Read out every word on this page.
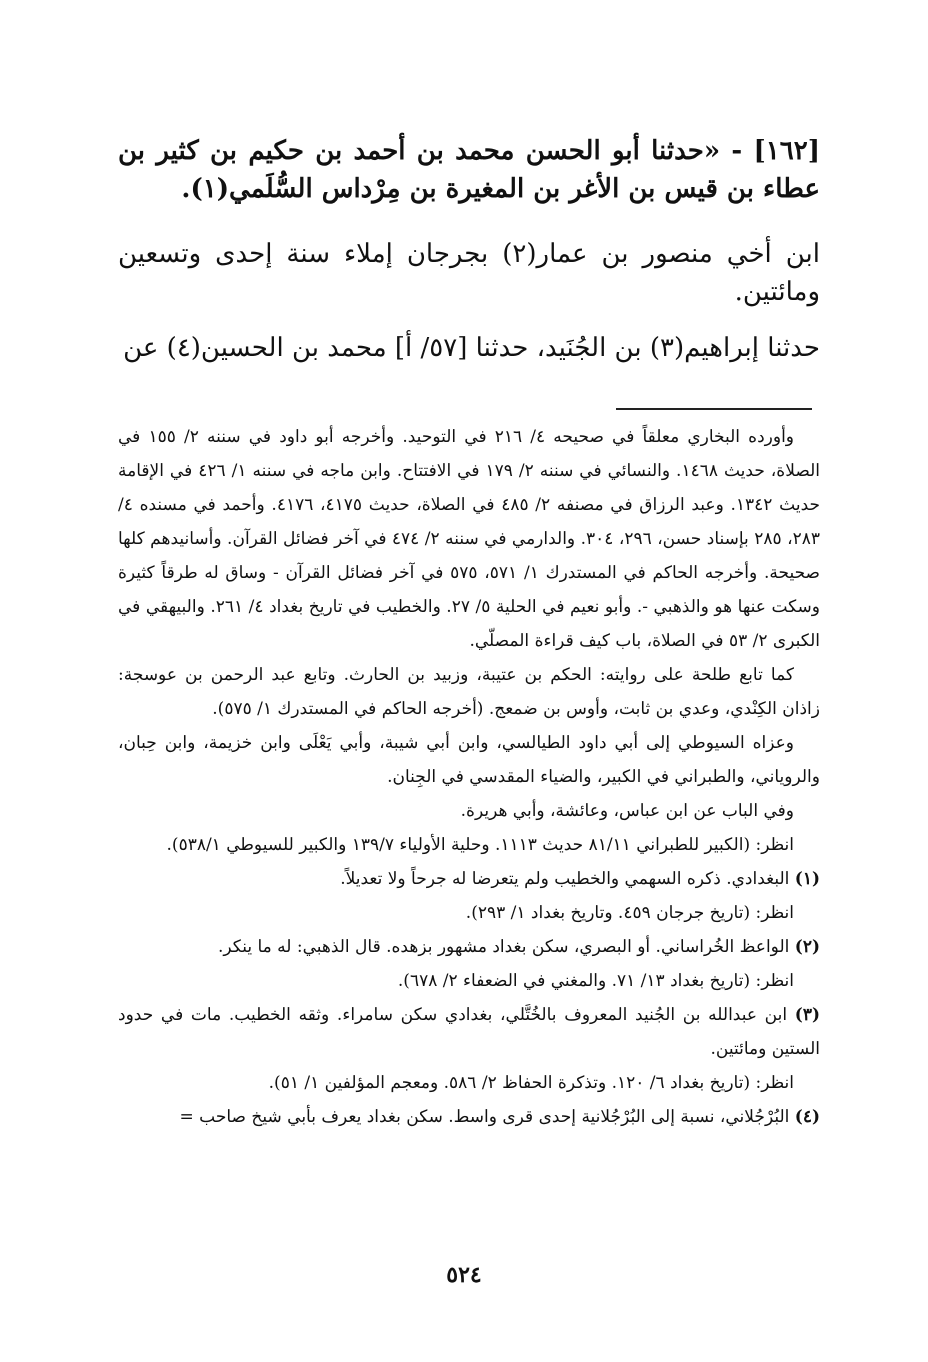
[١٦٢] - «حدثنا أبو الحسن محمد بن أحمد بن حكيم بن كثير بن عطاء بن قيس بن الأغر بن المغيرة بن مِرْداس السُّلَمي(١).
ابن أخي منصور بن عمار(٢) بجرجان إملاء سنة إحدى وتسعين ومائتين.
حدثنا إبراهيم(٣) بن الجُنَيد، حدثنا [٥٧/ أ] محمد بن الحسين(٤) عن

وأورده البخاري معلقاً في صحيحه ٤/ ٢١٦ في التوحيد. وأخرجه أبو داود في سننه ٢/ ١٥٥ في الصلاة، حديث ١٤٦٨. والنسائي في سننه ٢/ ١٧٩ في الافتتاح. وابن ماجه في سننه ١/ ٤٢٦ في الإقامة حديث ١٣٤٢. وعبد الرزاق في مصنفه ٢/ ٤٨٥ في الصلاة، حديث ٤١٧٥، ٤١٧٦. وأحمد في مسنده ٤/ ٢٨٣، ٢٨٥ بإسناد حسن، ٢٩٦، ٣٠٤. والدارمي في سننه ٢/ ٤٧٤ في آخر فضائل القرآن. وأسانيدهم كلها صحيحة. وأخرجه الحاكم في المستدرك ١/ ٥٧١، ٥٧٥ في آخر فضائل القرآن - وساق له طرقاً كثيرة وسكت عنها هو والذهبي -. وأبو نعيم في الحلية ٥/ ٢٧. والخطيب في تاريخ بغداد ٤/ ٢٦١. والبيهقي في الكبرى ٢/ ٥٣ في الصلاة، باب كيف قراءة المصلّي.

كما تابع طلحة على روايته: الحكم بن عتيبة، وزبيد بن الحارث. وتابع عبد الرحمن بن عوسجة: زاذان الكِنْدي، وعدي بن ثابت، وأوس بن ضمعج. (أخرجه الحاكم في المستدرك ١/ ٥٧٥).

وعزاه السيوطي إلى أبي داود الطيالسي، وابن أبي شيبة، وأبي يَعْلَى وابن خزيمة، وابن حِبان، والروياني، والطبراني في الكبير، والضياء المقدسي في الجِنان.

وفي الباب عن ابن عباس، وعائشة، وأبي هريرة.

انظر: (الكبير للطبراني ٨١/١١ حديث ١١١٣. وحلية الأولياء ١٣٩/٧ والكبير للسيوطي ٥٣٨/١).

(١) البغدادي. ذكره السهمي والخطيب ولم يتعرضا له جرحاً ولا تعديلاً.

انظر: (تاريخ جرجان ٤٥٩. وتاريخ بغداد ١/ ٢٩٣).

(٢) الواعظ الخُراساني. أو البصري، سكن بغداد مشهور بزهده. قال الذهبي: له ما ينكر.

انظر: (تاريخ بغداد ١٣/ ٧١. والمغني في الضعفاء ٢/ ٦٧٨).

(٣) ابن عبدالله بن الجُنيد المعروف بالخُتَّلي، بغدادي سكن سامراء. وثقه الخطيب. مات في حدود الستين ومائتين.

انظر: (تاريخ بغداد ٦/ ١٢٠. وتذكرة الحفاظ ٢/ ٥٨٦. ومعجم المؤلفين ١/ ٥١).

(٤) البُرْجُلاني، نسبة إلى البُرْجُلانية إحدى قرى واسط. سكن بغداد يعرف بأبي شيخ صاحب =

٥٢٤
